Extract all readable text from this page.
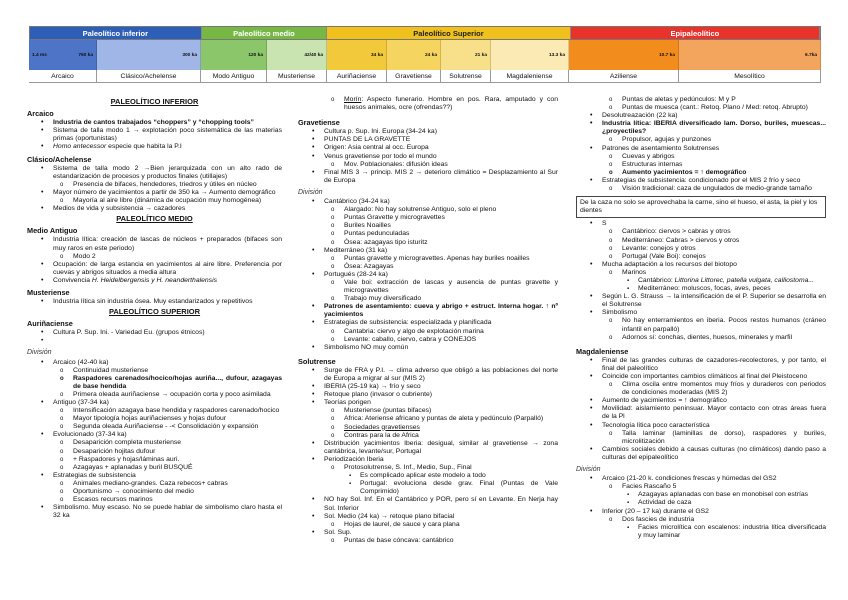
Paleolítico inferior	Paleolítico medio	Paleolítico Superior	Epipaleolítico
1.4 ms	760 ka	300 ka	120 ka	42/40 ka	34 ka	24 ka	21 ka	13.3 ka	10.7 ka	6.7ka
Arcaico	Clásico/Achelense	Modo Antiguo	Musteriense	Auriñaciense	Gravetiense	Solutrense	Magdaleniense	Aziliense	Mesolítico
PALEOLÍTICO INFERIOR
Arcaico
• Industria de cantos trabajados “choppers” y “chopping tools”
• Sistema de talla modo 1 → explotación poco sistemática de las materias primas (oportunistas)
• Homo antecessor especie que habita la P.I
Clásico/Achelense
• Sistema de talla modo 2 →Bien jerarquizada con un alto rado de estandarización de procesos y productos finales (utillajes)
o Presencia de bifaces, hendedores, triedros y útiles en núcleo
• Mayor número de yacimientos a partir de 350 ka → Aumento demográfico
o Mayoría al aire libre (dinámica de ocupación muy homogénea)
• Medios de vida y subsistencia → cazadores
PALEOLÍTICO MEDIO
Medio Antiguo
• Industria lítica: creación de lascas de núcleos + preparados (bifaces son muy raros en este periodo)
o Modo 2
• Ocupación: de larga estancia en yacimientos al aire libre. Preferencia por cuevas y abrigos situados a media altura
• Convivencia H. Heidelbergensis y H. neanderthalensis
Musteriense
• Industria lítica sin industria ósea. Muy estandarizados y repetitivos
PALEOLÍTICO SUPERIOR
Auriñaciense
• Cultura P. Sup. Ini. - Variedad Eu. (grupos étnicos)
•
División
• Arcaico (42-40 ka)
o Continuidad musteriense
o Raspadores carenados/hocico/hojas auriña..., dufour, azagayas de base hendida
o Primera oleada auriñaciense → ocupación corta y poco asimilada
• Antiguo (37-34 ka)
o Intensificación azagaya base hendida y raspadores carenado/hocico
o Mayor tipología hojas auriñacienses y hojas dufour
o Segunda oleada Auriñaciense - -< Consolidación y expansión
• Evolucionado (37-34 ka)
o Desaparición completa musteriense
o Desaparición hojitas dufour
o + Raspadores y hojas/láminas auri.
o Azagayas + aplanadas y buril BUSQUÉ
• Estrategias de subsistencia
o Animales mediano-grandes. Caza rebecos+ cabras
o Oportunismo → conocimiento del medio
o Escasos recursos marinos
• Simbolismo. Muy escaso. No se puede hablar de simbolismo claro hasta el 32 ka
o Morín: Aspecto funerario. Hombre en pos. Rara, amputado y con huesos animales, ocre (ofrendas??)
Gravetiense
• Cultura p. Sup. Ini. Europa (34-24 ka)
• PUNTAS DE LA GRAVETTE
• Origen: Asia central al occ. Europa
• Venus gravetiense por todo el mundo
o Mov. Poblacionales: difusión ideas
• Final MIS 3 → princip. MIS 2 → deterioro climático = Desplazamiento al Sur de Europa
División
• Cantábrico (34-24 ka)
o Alargado: No hay solutrense Antiguo, solo el pleno
o Puntas Gravette y microgravettes
o Buriles Noailles
o Puntas pedunculadas
o Ósea: azagayas tipo isturitz
• Mediterráneo (31 ka)
o Puntas gravette y microgravettes. Apenas hay buriles noailles
o Ósea: Azagayas
• Portugués (28-24 ka)
o Vale boi: extracción de lascas y ausencia de puntas gravette y microgravettes
o Trabajo muy diversificado
• Patrones de asentamiento: cueva y abrigo + estruct. Interna hogar. ↑ nº yacimientos
• Estrategias de subsistencia: especializada y planificada
o Cantabria: ciervo y algo de explotación marina
o Levante: caballo, ciervo, cabra y CONEJOS
• Simbolismo NO muy común
Solutrense
• Surge de FRA y P.I. → clima adverso que obligó a las poblaciones del norte de Europa a migrar al sur (MIS 2)
• IBERIA (25-19 ka) → frío y seco
• Retoque plano (invasor o cubriente)
• Teorías porigen
o Musteriense (puntas bifaces)
o Africa: Ateriense africano y puntas de aleta y pedúnculo (Parpalló)
o Sociedades gravetienses
o Contras para la de Africa
• Distribución yacimientos Iberia: desigual, similar al gravetiense → zona cantábrica, levante/sur, Portugal
• Periodización Iberia
o Protosolutrense, S. Inf., Medio, Sup., Final
▪ Es complicado aplicar este modelo a todo
▪ Portugal: evolucíona desde grav. Final (Puntas de Vale Comprimido)
• NO hay Sol. Inf. En el Cantábrico y POR, pero sí en Levante. En Nerja hay Sol. Inferior
• Sol. Medio (24 ka) → retoque plano bifacial
o Hojas de laurel, de sauce y cara plana
• Sol. Sup.
o Puntas de base cóncava: cantábrico
o Puntas de aletas y pedúnculos: M y P
o Puntas de muesca (cant.: Retoq. Plano / Med: retoq. Abrupto)
• Desolutreazación (22 ka)
• Industria lítica: IBERIA diversificado lam. Dorso, buriles, muescas... ¿proyectiles?
o Propulsor, agujas y punzones
• Patrones de asentamiento Solutrenses
o Cuevas y abrigos
o Estructuras internas
o Aumento yacimientos = ↑ demográfico
• Estrategias de subsistencia: condicionado por el MIS 2 frío y seco
o Visión tradicional: caza de ungulados de medio-grande tamaño
De la caza no solo se aprovechaba la carne, sino el hueso, el asta, la piel y los dientes
• S
o Cantábrico: ciervos > cabras y otros
o Mediterráneo: Cabras > ciervos y otros
o Levante: conejos y otros
o Portugal (Vale Boi): conejos
• Mucha adaptación a los recursos del biotopo
o Marinos
▪ Cantábrico: Littorina Littorec, patella vulgata, calliostoma...
▪ Mediterráneo: moluscos, focas, aves, peces
• Según L. G. Strauss → la intensificación de el P. Superior se desarrolla en el Solutrense
• Simbolismo
o No hay enterramientos en iberia. Pocos restos humanos (cráneo infantil en parpalló)
o Adornos sí: conchas, dientes, huesos, minerales y marfil
Magdaleniense
• Final de las grandes culturas de cazadores-recolectores, y por tanto, el final del paleolítico
• Coincide con importantes cambios climáticos al final del Pleistoceno
o Clima oscila entre momentos muy fríos y duraderos con periodos de condiciones moderadas (MIS 2)
• Aumento de yacimientos = ↑ demográfico
• Movilidad: aislamiento peninsuar. Mayor contacto con otras áreas fuera de la Pl
• Tecnología lítica poco característica
o Talla laminar (laminillas de dorso), raspadores y buriles, microlitización
• Cambios sociales debido a causas culturas (no climáticos) dando paso a culturas del epipaleolítico
División
• Arcaico (21-20 k. condiciones frescas y húmedas del GS2
o Facies Rascaño 5
▪ Azagayas aplanadas con base en monobisel con estrías
▪ Actividad de caza
• Inferior (20 – 17 ka) durante el GS2
o Dos fascies de industria
▪ Facies microlítica con escalenos: industria lítica diversificada y muy laminar
